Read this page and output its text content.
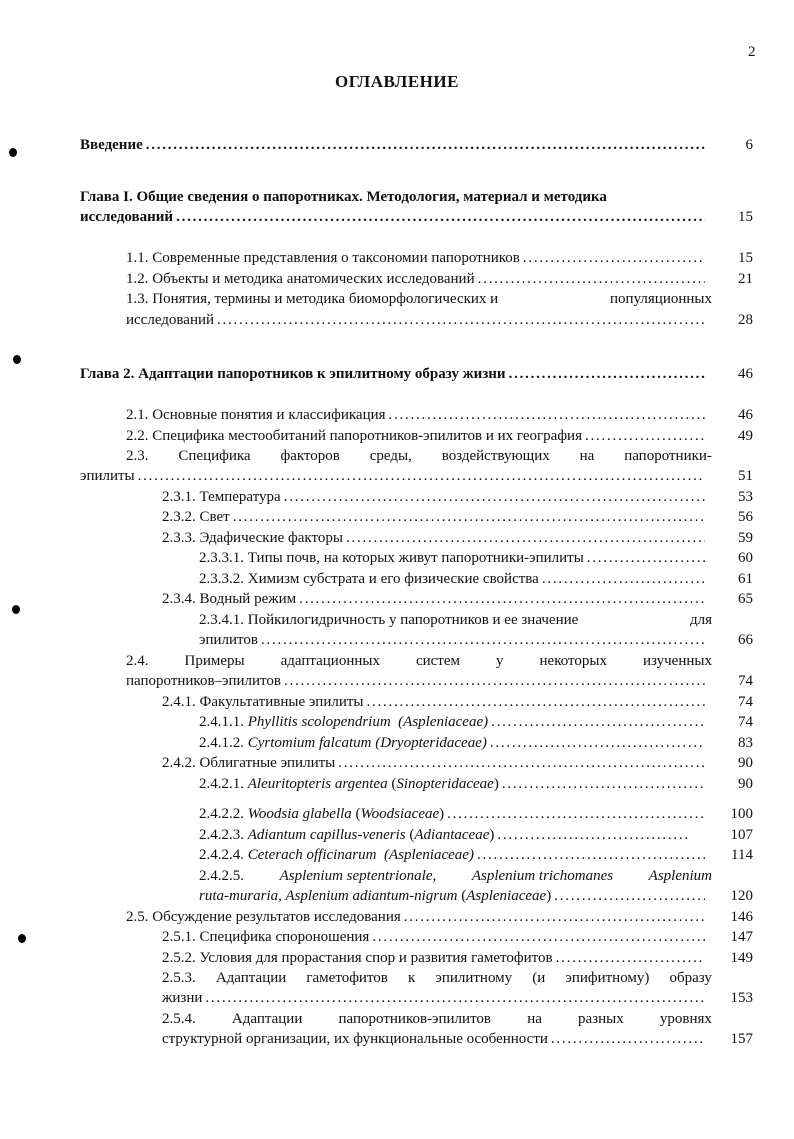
2
ОГЛАВЛЕНИЕ
Введение . . .	6
Глава I. Общие сведения о папоротниках. Методология, материал и методика
исследований . . .	15
1.1. Современные представления о таксономии папоротников . . .	15
1.2. Объекты и методика анатомических исследований . . .	21
1.3. Понятия, термины и методика биоморфологических и	популяционных
исследований . . .	28
Глава 2. Адаптации папоротников к эпилитному образу жизни . . .	46
2.1. Основные понятия и классификация . . .	46
2.2. Специфика местообитаний папоротников-эпилитов и их география . . .	49
2.3. Специфика факторов среды, воздействующих на папоротники-
эпилиты . . .	51
2.3.1. Температура . . .	53
2.3.2. Свет . . .	56
2.3.3. Эдафические факторы . . .	59
2.3.3.1. Типы почв, на которых живут папоротники-эпилиты . . .	60
2.3.3.2. Химизм субстрата и его физические свойства . . .	61
2.3.4. Водный режим . . .	65
2.3.4.1. Пойкилогидричность у папоротников и ее значение	для
эпилитов . . .	66
2.4. Примеры адаптационных систем у некоторых изученных
папоротников–эпилитов . . .	74
2.4.1. Факультативные эпилиты . . .	74
2.4.1.1. Phyllitis scolopendrium (Aspleniaceae) . . .	74
2.4.1.2. Cyrtomium falcatum (Dryopteridaceae) . . .	83
2.4.2. Облигатные эпилиты . . .	90
2.4.2.1. Aleuritopteris argentea (Sinopteridaceae) . . .	90
2.4.2.2. Woodsia glabella (Woodsiaceae) . . .	100
2.4.2.3. Adiantum capillus-veneris (Adiantaceae) . . .	107
2.4.2.4. Ceterach officinarum (Aspleniaceae) . . .	114
2.4.2.5. Asplenium septentrionale, Asplenium trichomanes Asplenium
ruta-muraria, Asplenium adiantum-nigrum (Aspleniaceae) . . .	120
2.5. Обсуждение результатов исследования . . .	146
2.5.1. Специфика спороношения . . .	147
2.5.2. Условия для прорастания спор и развития гаметофитов . . .	149
2.5.3. Адаптации гаметофитов к эпилитному (и эпифитному) образу
жизни . . .	153
2.5.4. Адаптации папоротников-эпилитов на разных уровнях
структурной организации, их функциональные особенности . . .	157
